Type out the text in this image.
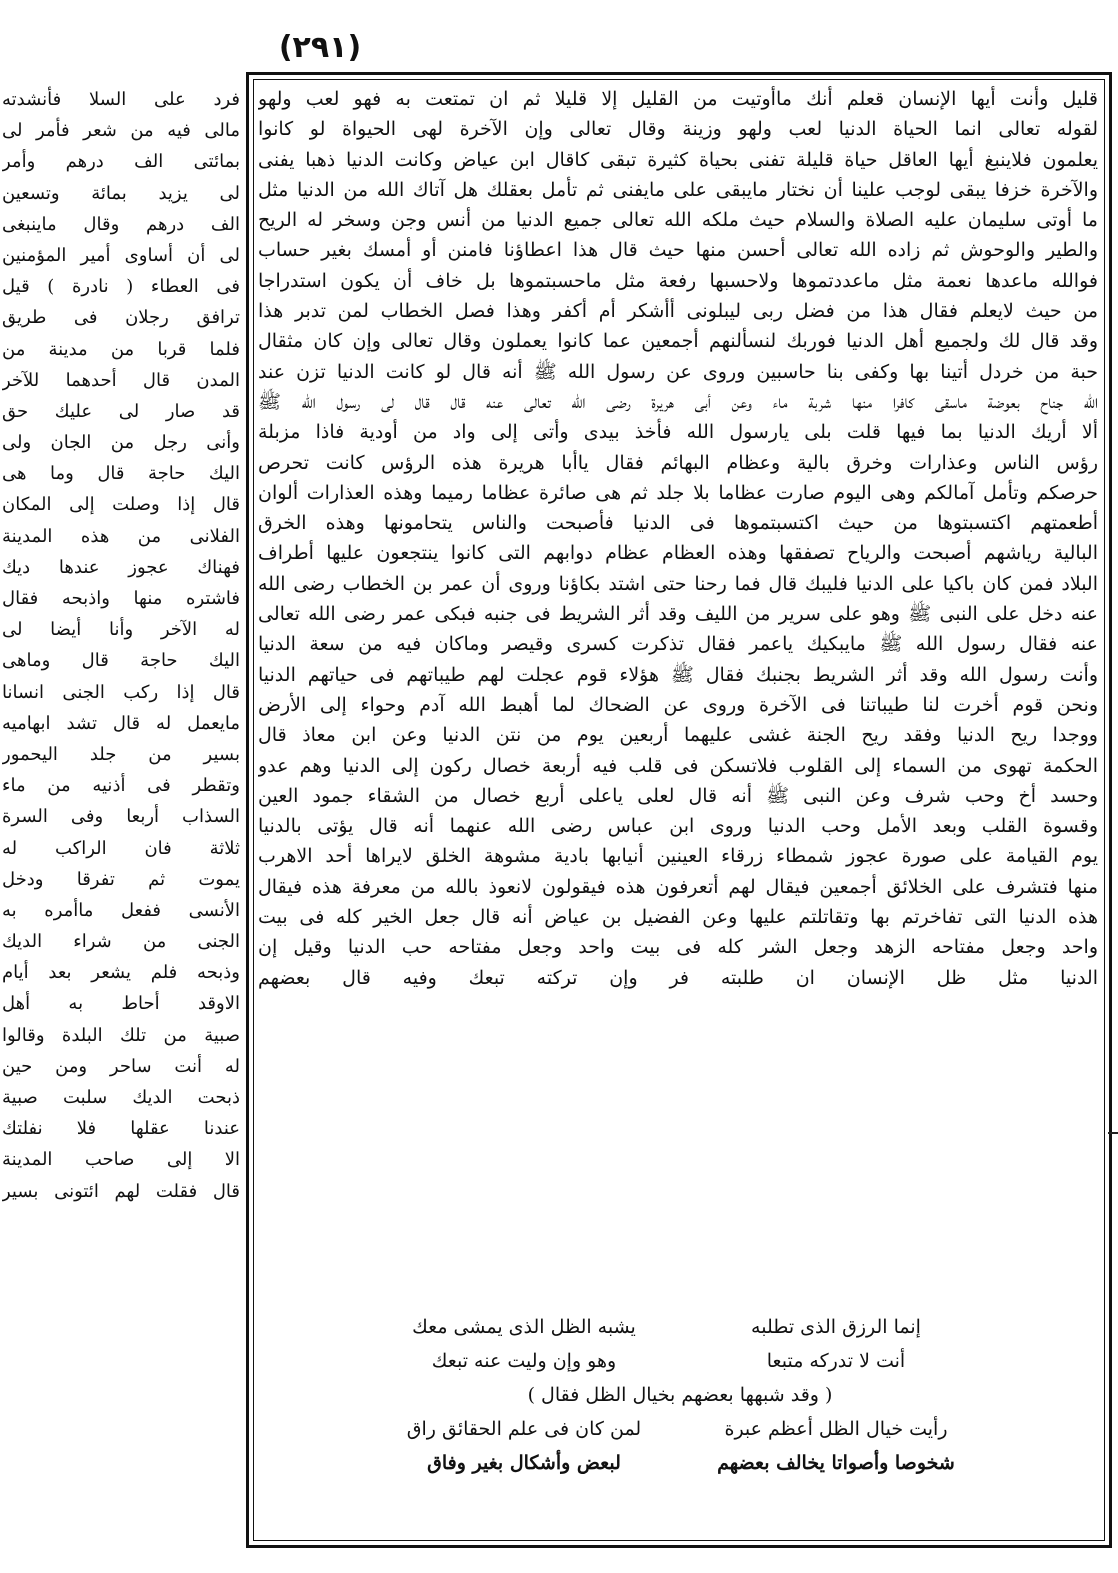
(٢٩١)
قليل وأنت أيها الإنسان قعلم أنك ماأوتيت من القليل إلا قليلا ثم ان تمتعت به فهو لعب ولهو
لقوله تعالى انما الحياة الدنيا لعب ولهو وزينة وقال تعالى وإن الآخرة لهى الحيواة لو كانوا
يعلمون فلاينبغ أيها العاقل حياة قليلة تفنى بحياة كثيرة تبقى كاقال ابن عياض وكانت الدنيا ذهبا يفنى
والآخرة خزفا يبقى لوجب علينا أن نختار مايبقى على مايفنى ثم تأمل بعقلك هل آتاك الله من الدنيا مثل
ما أوتى سليمان عليه الصلاة والسلام حيث ملكه الله تعالى جميع الدنيا من أنس وجن وسخر له الريح
والطير والوحوش ثم زاده الله تعالى أحسن منها حيث قال هذا اعطاؤنا فامنن أو أمسك بغير حساب
فوالله ماعدها نعمة مثل ماعددتموها ولاحسبها رفعة مثل ماحسبتموها بل خاف أن يكون استدراجا
من حيث لايعلم فقال هذا من فضل ربى ليبلونى أأشكر أم أكفر وهذا فصل الخطاب لمن تدبر هذا
وقد قال لك ولجميع أهل الدنيا فوربك لنسألنهم أجمعين عما كانوا يعملون وقال تعالى وإن كان مثقال
حبة من خردل أتينا بها وكفى بنا حاسبين وروى عن رسول الله ﷺ أنه قال لو كانت الدنيا تزن عند
الله جناح بعوضة ماسقى كافرا منها شربة ماء وعن أبى هريرة رضى الله تعالى عنه قال قال لى رسول الله ﷺ
ألا أريك الدنيا بما فيها قلت بلى يارسول الله فأخذ بيدى وأتى إلى واد من أودية فاذا مزبلة
رؤس الناس وعذارات وخرق بالية وعظام البهائم فقال ياأبا هريرة هذه الرؤس كانت تحرص
حرصكم وتأمل آمالكم وهى اليوم صارت عظاما بلا جلد ثم هى صائرة عظاما رميما وهذه العذارات ألوان
أطعمتهم اكتسبتوها من حيث اكتسبتموها فى الدنيا فأصبحت والناس يتحامونها وهذه الخرق
البالية رياشهم أصبحت والرياح تصفقها وهذه العظام عظام دوابهم التى كانوا ينتجعون عليها أطراف
البلاد فمن كان باكيا على الدنيا فليبك قال فما رحنا حتى اشتد بكاؤنا وروى أن عمر بن الخطاب رضى الله
عنه دخل على النبى ﷺ وهو على سرير من الليف وقد أثر الشريط فى جنبه فبكى عمر رضى الله تعالى
عنه فقال رسول الله ﷺ مايبكيك ياعمر فقال تذكرت كسرى وقيصر وماكان فيه من سعة الدنيا
وأنت رسول الله وقد أثر الشريط بجنبك فقال ﷺ هؤلاء قوم عجلت لهم طيباتهم فى حياتهم الدنيا
ونحن قوم أخرت لنا طيباتنا فى الآخرة وروى عن الضحاك لما أهبط الله آدم وحواء إلى الأرض
ووجدا ريح الدنيا وفقد ريح الجنة غشى عليهما أربعين يوم من نتن الدنيا وعن ابن معاذ قال
الحكمة تهوى من السماء إلى القلوب فلاتسكن فى قلب فيه أربعة خصال ركون إلى الدنيا وهم عدو
وحسد أخ وحب شرف وعن النبى ﷺ أنه قال لعلى ياعلى أربع خصال من الشقاء جمود العين
وقسوة القلب وبعد الأمل وحب الدنيا وروى ابن عباس رضى الله عنهما أنه قال يؤتى بالدنيا
يوم القيامة على صورة عجوز شمطاء زرقاء العينين أنيابها بادية مشوهة الخلق لايراها أحد الاهرب
منها فتشرف على الخلائق أجمعين فيقال لهم أتعرفون هذه فيقولون لانعوذ بالله من معرفة هذه فيقال
هذه الدنيا التى تفاخرتم بها وتقاتلتم عليها وعن الفضيل بن عياض أنه قال جعل الخير كله فى بيت
واحد وجعل مفتاحه الزهد وجعل الشر كله فى بيت واحد وجعل مفتاحه حب الدنيا وقيل إن
الدنيا مثل ظل الإنسان ان طلبته فر وإن تركته تبعك وفيه قال بعضهم
إنما الرزق الذى تطلبه
يشبه الظل الذى يمشى معك
أنت لا تدركه متبعا
وهو وإن وليت عنه تبعك
( وقد شبهها بعضهم بخيال الظل فقال )
رأيت خيال الظل أعظم عبرة
لمن كان فى علم الحقائق راق
شخوصا وأصواتا يخالف بعضهم
لبعض وأشكال بغير وفاق
فرد على السلا فأنشدته
مالى فيه من شعر فأمر لى
بمائتى الف درهم وأمر
لى يزيد بمائة وتسعين
الف درهم وقال ماينبغى
لى أن أساوى أمير المؤمنين
فى العطاء ( نادرة ) قيل
ترافق رجلان فى طريق
فلما قربا من مدينة من
المدن قال أحدهما للآخر
قد صار لى عليك حق
وأنى رجل من الجان ولى
اليك حاجة قال وما هى
قال إذا وصلت إلى المكان
الفلانى من هذه المدينة
فهناك عجوز عندها ديك
فاشتره منها واذبحه فقال
له الآخر وأنا أيضا لى
اليك حاجة قال وماهى
قال إذا ركب الجنى انسانا
مايعمل له قال تشد ابهاميه
بسير من جلد اليحمور
وتقطر فى أذنيه من ماء
السذاب أربعا وفى السرة
ثلاثة فان الراكب له
يموت ثم تفرقا ودخل
الأنسى ففعل ماأمره به
الجنى من شراء الديك
وذبحه فلم يشعر بعد أيام
الاوقد أحاط به أهل
صبية من تلك البلدة وقالوا
له أنت ساحر ومن حين
ذبحت الديك سلبت صبية
عندنا عقلها فلا نفلتك
الا إلى صاحب المدينة
قال فقلت لهم ائتونى بسير
